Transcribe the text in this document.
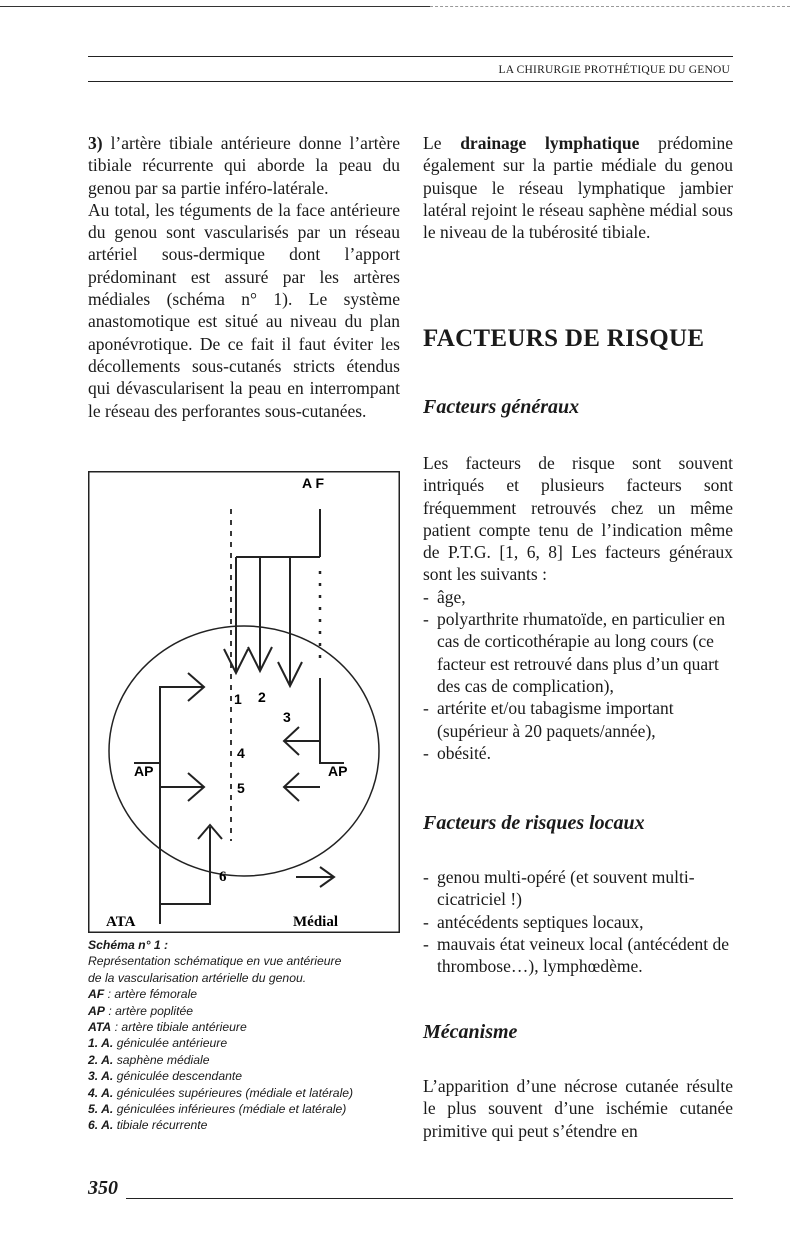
LA CHIRURGIE PROTHÉTIQUE DU GENOU

3) l’artère tibiale antérieure donne l’artère tibiale récurrente qui aborde la peau du genou par sa partie inféro-latérale.

Au total, les téguments de la face antérieure du genou sont vascularisés par un réseau artériel sous-dermique dont l’apport prédominant est assuré par les artères médiales (schéma n° 1). Le système anastomotique est situé au niveau du plan aponévrotique. De ce fait il faut éviter les décollements sous-cutanés stricts étendus qui dévascularisent la peau en interrompant le réseau des perforantes sous-cutanées.

A F
1 2
3
4
5
AP	AP
6
ATA	Médial
Schéma n° 1 :
Représentation schématique en vue antérieure
de la vascularisation artérielle du genou.
AF : artère fémorale
AP : artère poplitée
ATA : artère tibiale antérieure
1. A. géniculée antérieure
2. A. saphène médiale
3. A. géniculée descendante
4. A. géniculées supérieures (médiale et latérale)
5. A. géniculées inférieures (médiale et latérale)
6. A. tibiale récurrente

Le drainage lymphatique prédomine également sur la partie médiale du genou puisque le réseau lymphatique jambier latéral rejoint le réseau saphène médial sous le niveau de la tubérosité tibiale.

FACTEURS DE RISQUE
Facteurs généraux

Les facteurs de risque sont souvent intriqués et plusieurs facteurs sont fréquemment retrouvés chez un même patient compte tenu de l’indication même de P.T.G. [1, 6, 8] Les facteurs généraux sont les suivants :

- âge,
- polyarthrite rhumatoïde, en particulier en cas de corticothérapie au long cours (ce facteur est retrouvé dans plus d’un quart des cas de complication),
- artérite et/ou tabagisme important (supérieur à 20 paquets/année),
- obésité.
Facteurs de risques locaux
- genou multi-opéré (et souvent multi-cicatriciel !)
- antécédents septiques locaux,
- mauvais état veineux local (antécédent de thrombose…), lymphœdème.
Mécanisme

L’apparition d’une nécrose cutanée résulte le plus souvent d’une ischémie cutanée primitive qui peut s’étendre en

350
